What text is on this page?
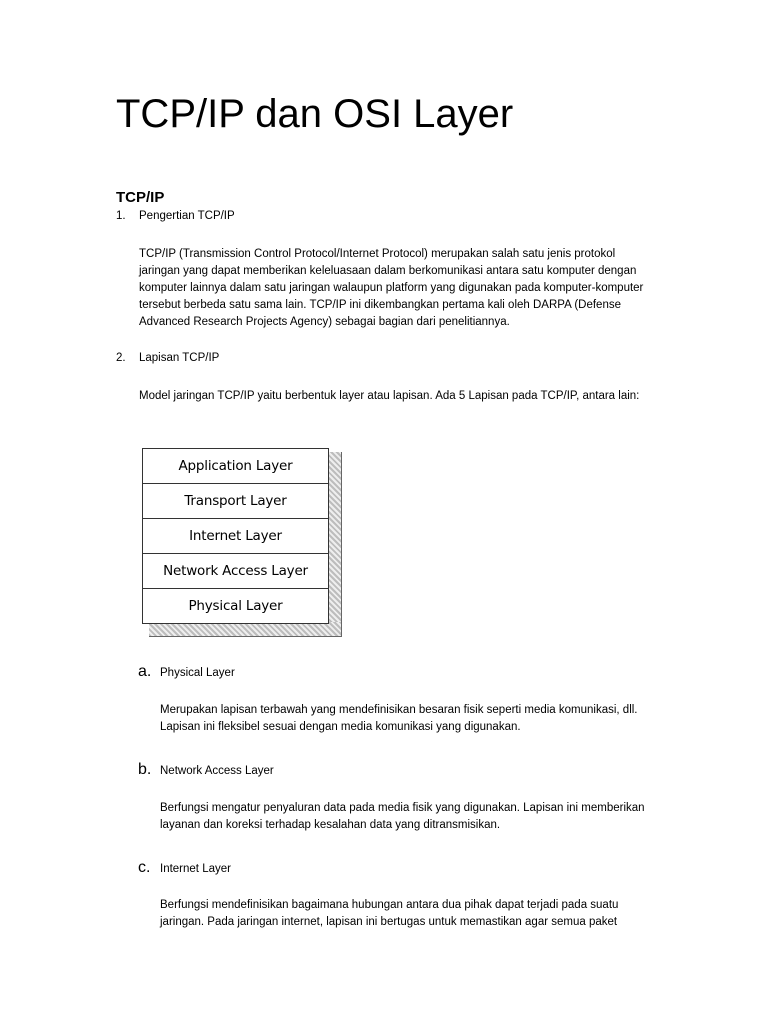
TCP/IP dan OSI Layer
TCP/IP
1. Pengertian TCP/IP

TCP/IP (Transmission Control Protocol/Internet Protocol) merupakan salah satu jenis protokol jaringan yang dapat memberikan keleluasaan dalam berkomunikasi antara satu komputer dengan komputer lainnya dalam satu jaringan walaupun platform yang digunakan pada komputer-komputer tersebut berbeda satu sama lain. TCP/IP ini dikembangkan pertama kali oleh DARPA (Defense Advanced Research Projects Agency) sebagai bagian dari penelitiannya.

2. Lapisan TCP/IP

Model jaringan TCP/IP yaitu berbentuk layer atau lapisan. Ada 5 Lapisan pada TCP/IP, antara lain:

Application Layer
Transport Layer
Internet Layer
Network Access Layer
Physical Layer
a. Physical Layer

Merupakan lapisan terbawah yang mendefinisikan besaran fisik seperti media komunikasi, dll. Lapisan ini fleksibel sesuai dengan media komunikasi yang digunakan.

b. Network Access Layer

Berfungsi mengatur penyaluran data pada media fisik yang digunakan. Lapisan ini memberikan layanan dan koreksi terhadap kesalahan data yang ditransmisikan.

c. Internet Layer

Berfungsi mendefinisikan bagaimana hubungan antara dua pihak dapat terjadi pada suatu jaringan. Pada jaringan internet, lapisan ini bertugas untuk memastikan agar semua paket
